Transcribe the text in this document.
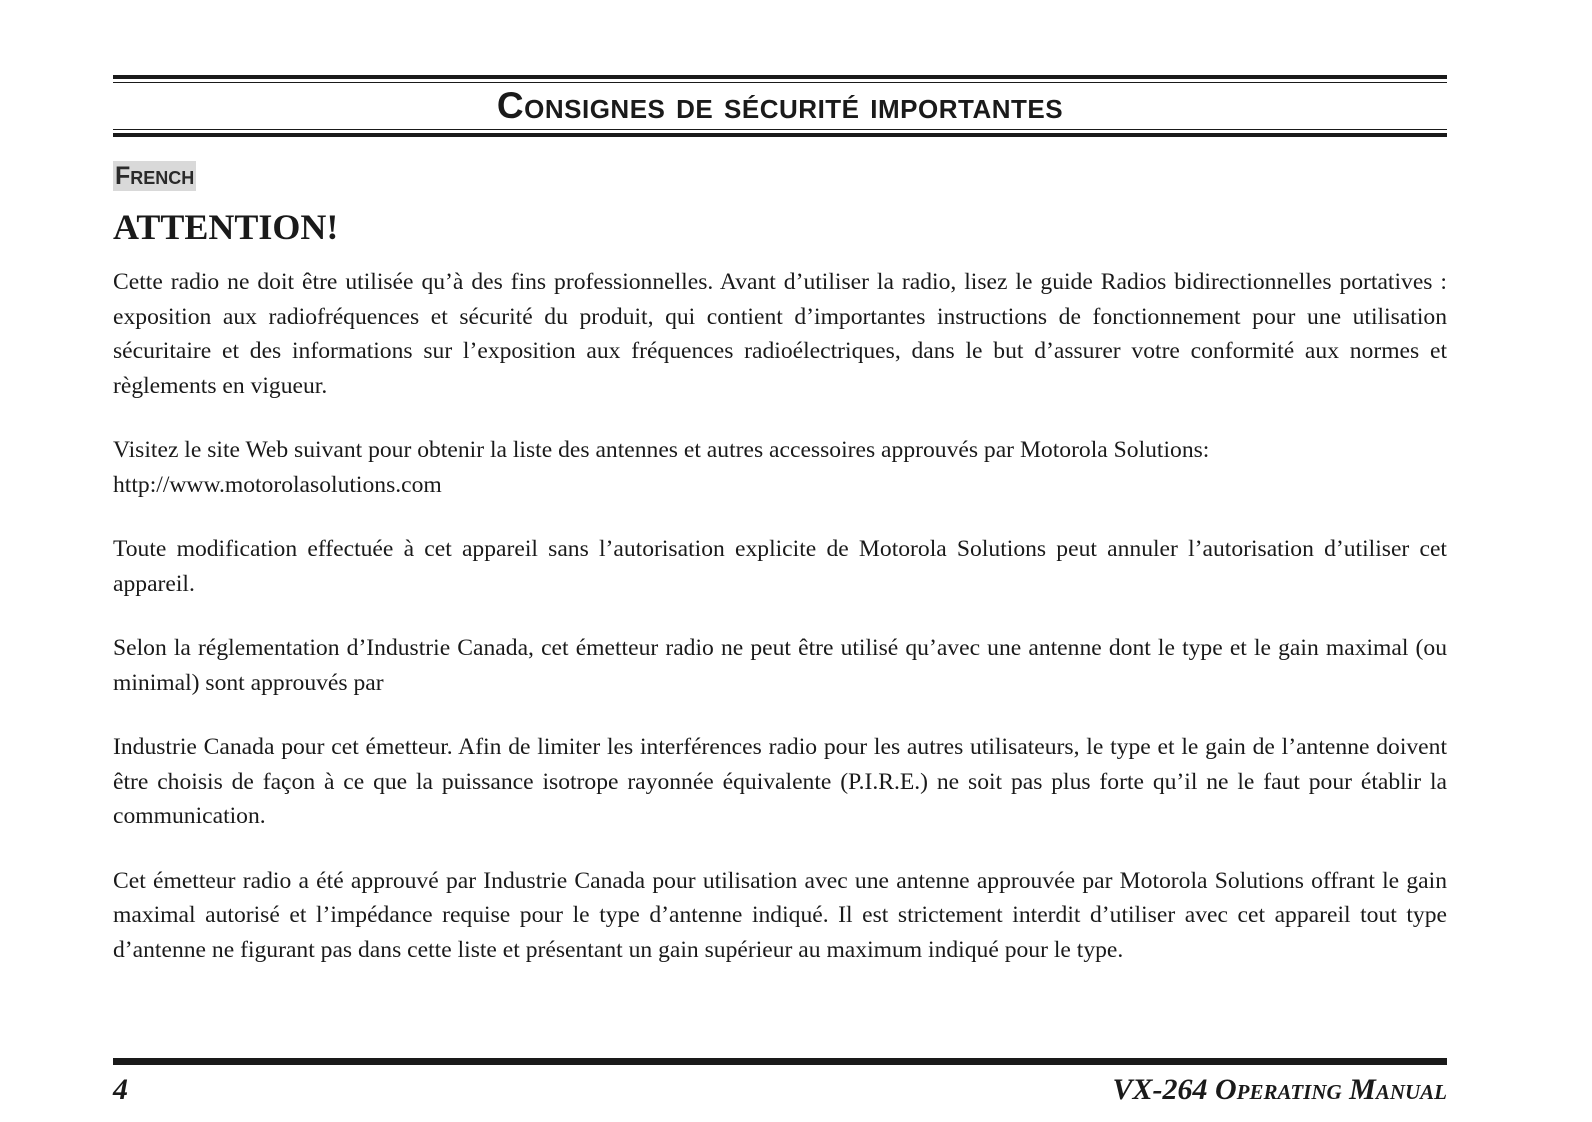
Consignes de sécurité importantes
French
ATTENTION!

Cette radio ne doit être utilisée qu’à des fins professionnelles. Avant d’utiliser la radio, lisez le guide Radios bidirectionnelles portatives : exposition aux radiofréquences et sécurité du produit, qui contient d’importantes instructions de fonctionnement pour une utilisation sécuritaire et des informations sur l’exposition aux fréquences radioélectriques, dans le but d’assurer votre conformité aux normes et règlements en vigueur.

Visitez le site Web suivant pour obtenir la liste des antennes et autres accessoires approuvés par Motorola Solutions:
http://www.motorolasolutions.com

Toute modification effectuée à cet appareil sans l’autorisation explicite de Motorola Solutions peut annuler l’autorisation d’utiliser cet appareil.

Selon la réglementation d’Industrie Canada, cet émetteur radio ne peut être utilisé qu’avec une antenne dont le type et le gain maximal (ou minimal) sont approuvés par

Industrie Canada pour cet émetteur. Afin de limiter les interférences radio pour les autres utilisateurs, le type et le gain de l’antenne doivent être choisis de façon à ce que la puissance isotrope rayonnée équivalente (P.I.R.E.) ne soit pas plus forte qu’il ne le faut pour établir la communication.

Cet émetteur radio a été approuvé par Industrie Canada pour utilisation avec une antenne approuvée par Motorola Solutions offrant le gain maximal autorisé et l’impédance requise pour le type d’antenne indiqué. Il est strictement interdit d’utiliser avec cet appareil tout type d’antenne ne figurant pas dans cette liste et présentant un gain supérieur au maximum indiqué pour le type.

4	VX-264 Operating Manual
